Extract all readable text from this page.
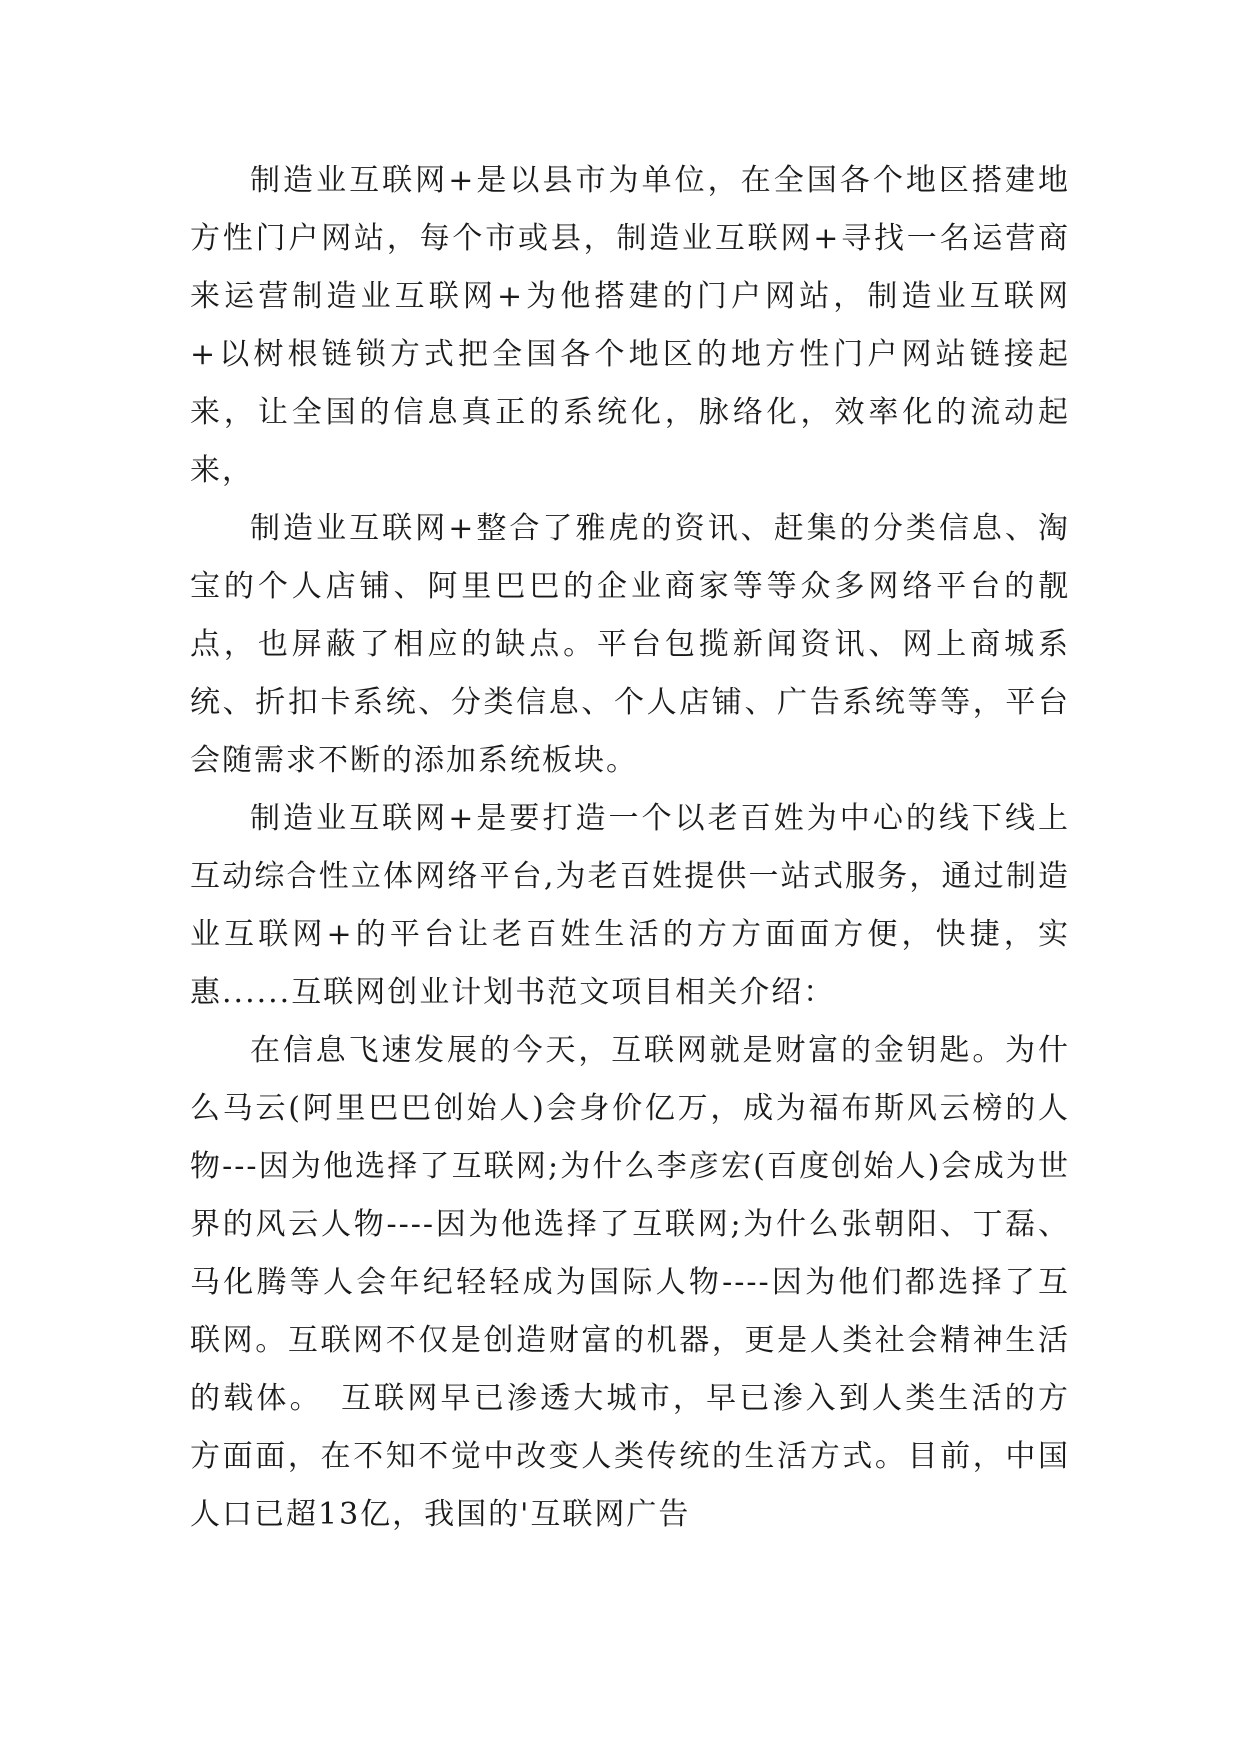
制造业互联网+是以县市为单位，在全国各个地区搭建地方性门户网站，每个市或县，制造业互联网+寻找一名运营商来运营制造业互联网+为他搭建的门户网站，制造业互联网+以树根链锁方式把全国各个地区的地方性门户网站链接起来，让全国的信息真正的系统化，脉络化，效率化的流动起来，

制造业互联网+整合了雅虎的资讯、赶集的分类信息、淘宝的个人店铺、阿里巴巴的企业商家等等众多网络平台的靓点，也屏蔽了相应的缺点。平台包揽新闻资讯、网上商城系统、折扣卡系统、分类信息、个人店铺、广告系统等等，平台会随需求不断的添加系统板块。

制造业互联网+是要打造一个以老百姓为中心的线下线上互动综合性立体网络平台,为老百姓提供一站式服务，通过制造业互联网+的平台让老百姓生活的方方面面方便，快捷，实惠......互联网创业计划书范文项目相关介绍：

在信息飞速发展的今天，互联网就是财富的金钥匙。为什么马云(阿里巴巴创始人)会身价亿万，成为福布斯风云榜的人物---因为他选择了互联网;为什么李彦宏(百度创始人)会成为世界的风云人物----因为他选择了互联网;为什么张朝阳、丁磊、马化腾等人会年纪轻轻成为国际人物----因为他们都选择了互联网。互联网不仅是创造财富的机器，更是人类社会精神生活的载体。　互联网早已渗透大城市，早已渗入到人类生活的方方面面，在不知不觉中改变人类传统的生活方式。目前，中国人口已超13亿，我国的'互联网广告
